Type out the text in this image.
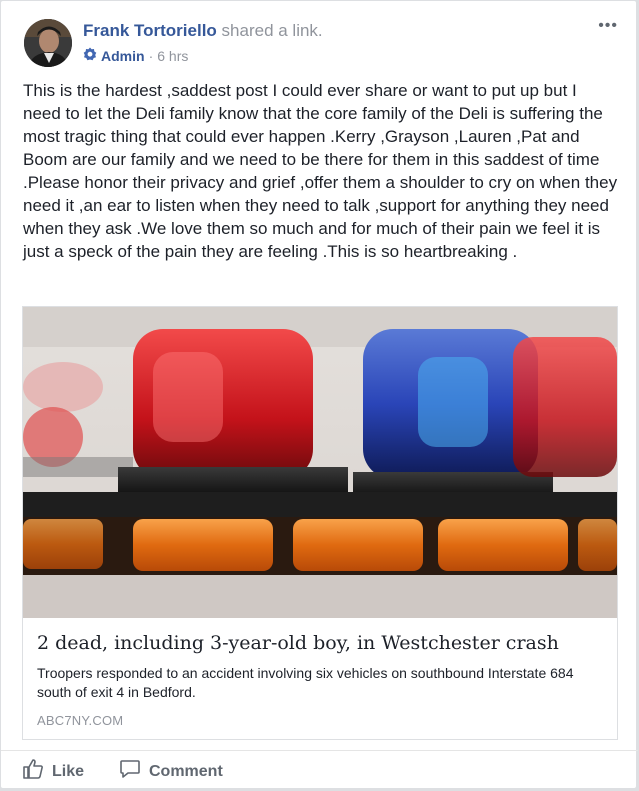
Frank Tortoriello shared a link.
Admin · 6 hrs
•••
This is the hardest ,saddest post I could ever share or want to put up but I need to let the Deli family know that the core family of the Deli is suffering the most tragic thing that could ever happen .Kerry ,Grayson ,Lauren ,Pat and Boom are our family and we need to be there for them in this saddest of time .Please honor their privacy and grief ,offer them a shoulder to cry on when they need it ,an ear to listen when they need to talk ,support for anything they need when they ask .We love them so much and for much of their pain we feel it is just a speck of the pain they are feeling .This is so heartbreaking .
2 dead, including 3-year-old boy, in Westchester crash
Troopers responded to an accident involving six vehicles on southbound Interstate 684 south of exit 4 in Bedford.
ABC7NY.COM
Like	Comment
